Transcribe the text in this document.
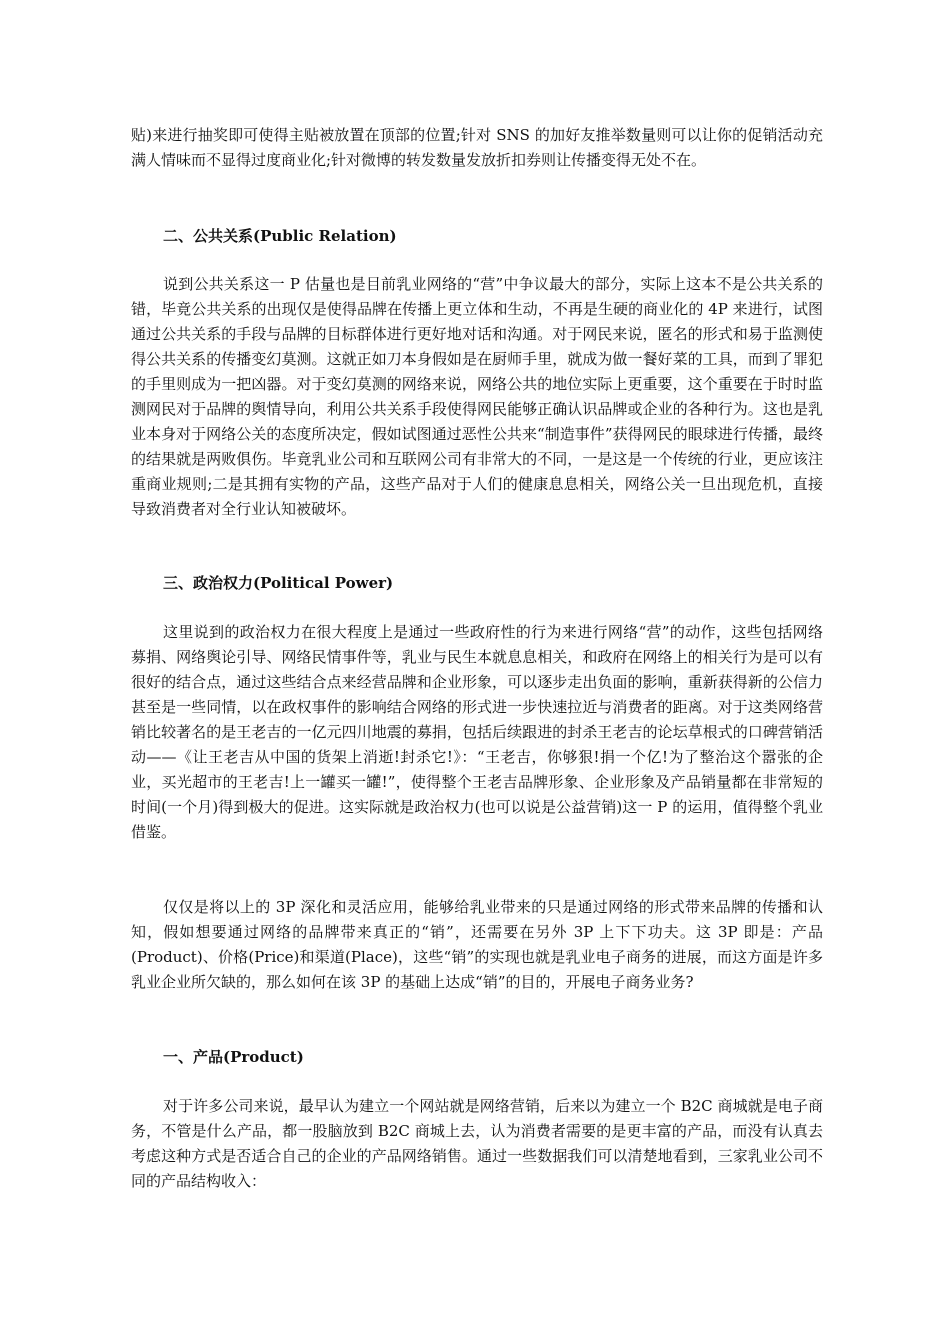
贴)来进行抽奖即可使得主贴被放置在顶部的位置;针对 SNS 的加好友推举数量则可以让你的促销活动充满人情味而不显得过度商业化;针对微博的转发数量发放折扣券则让传播变得无处不在。

二、公共关系(Public Relation)

说到公共关系这一 P 估量也是目前乳业网络的“营”中争议最大的部分，实际上这本不是公共关系的错，毕竟公共关系的出现仅是使得品牌在传播上更立体和生动，不再是生硬的商业化的 4P 来进行，试图通过公共关系的手段与品牌的目标群体进行更好地对话和沟通。对于网民来说，匿名的形式和易于监测使得公共关系的传播变幻莫测。这就正如刀本身假如是在厨师手里，就成为做一餐好菜的工具，而到了罪犯的手里则成为一把凶器。对于变幻莫测的网络来说，网络公共的地位实际上更重要，这个重要在于时时监测网民对于品牌的舆情导向，利用公共关系手段使得网民能够正确认识品牌或企业的各种行为。这也是乳业本身对于网络公关的态度所决定，假如试图通过恶性公共来“制造事件”获得网民的眼球进行传播，最终的结果就是两败俱伤。毕竟乳业公司和互联网公司有非常大的不同，一是这是一个传统的行业，更应该注重商业规则;二是其拥有实物的产品，这些产品对于人们的健康息息相关，网络公关一旦出现危机，直接导致消费者对全行业认知被破坏。

三、政治权力(Political Power)

这里说到的政治权力在很大程度上是通过一些政府性的行为来进行网络“营”的动作，这些包括网络募捐、网络舆论引导、网络民情事件等，乳业与民生本就息息相关，和政府在网络上的相关行为是可以有很好的结合点，通过这些结合点来经营品牌和企业形象，可以逐步走出负面的影响，重新获得新的公信力甚至是一些同情，以在政权事件的影响结合网络的形式进一步快速拉近与消费者的距离。对于这类网络营销比较著名的是王老吉的一亿元四川地震的募捐，包括后续跟进的封杀王老吉的论坛草根式的口碑营销活动——《让王老吉从中国的货架上消逝!封杀它!》：“王老吉，你够狠!捐一个亿!为了整治这个嚣张的企业，买光超市的王老吉!上一罐买一罐!”，使得整个王老吉品牌形象、企业形象及产品销量都在非常短的时间(一个月)得到极大的促进。这实际就是政治权力(也可以说是公益营销)这一 P 的运用，值得整个乳业借鉴。

仅仅是将以上的 3P 深化和灵活应用，能够给乳业带来的只是通过网络的形式带来品牌的传播和认知，假如想要通过网络的品牌带来真正的“销”，还需要在另外 3P 上下下功夫。这 3P 即是：产品(Product)、价格(Price)和渠道(Place)，这些“销”的实现也就是乳业电子商务的进展，而这方面是许多乳业企业所欠缺的，那么如何在该 3P 的基础上达成“销”的目的，开展电子商务业务?

一、产品(Product)

对于许多公司来说，最早认为建立一个网站就是网络营销，后来以为建立一个 B2C 商城就是电子商务，不管是什么产品，都一股脑放到 B2C 商城上去，认为消费者需要的是更丰富的产品，而没有认真去考虑这种方式是否适合自己的企业的产品网络销售。通过一些数据我们可以清楚地看到，三家乳业公司不同的产品结构收入：
